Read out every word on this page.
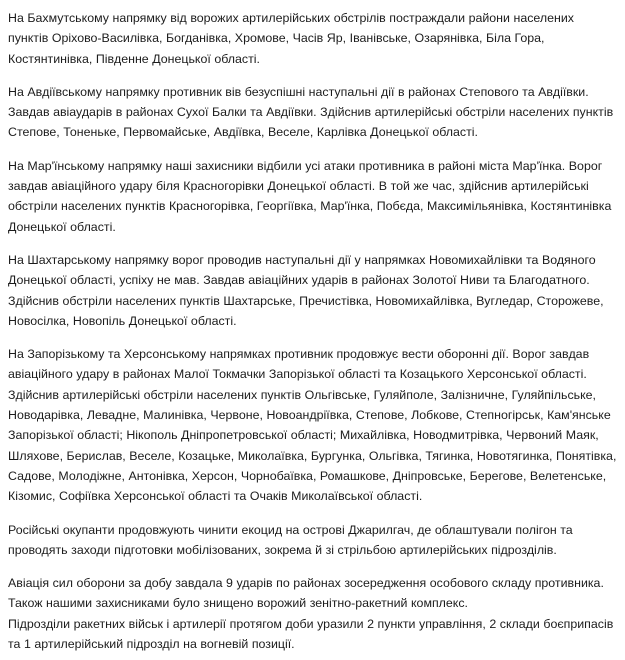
На Бахмутському напрямку від ворожих артилерійських обстрілів постраждали райони населених пунктів Оріхово-Василівка, Богданівка, Хромове, Часів Яр, Іванівське, Озарянівка, Біла Гора, Костянтинівка, Південне Донецької області.

На Авдіївському напрямку противник вів безуспішні наступальні дії в районах Степового та Авдіївки. Завдав авіаударів в районах Сухої Балки та Авдіївки. Здійснив артилерійські обстріли населених пунктів Степове, Тоненьке, Первомайське, Авдіївка, Веселе, Карлівка Донецької області.

На Мар'їнському напрямку наші захисники відбили усі атаки противника в районі міста Мар'їнка. Ворог завдав авіаційного удару біля Красногорівки Донецької області. В той же час, здійснив артилерійські обстріли населених пунктів Красногорівка, Георгіївка, Мар'їнка, Побєда, Максимільянівка, Костянтинівка Донецької області.

На Шахтарському напрямку ворог проводив наступальні дії у напрямках Новомихайлівки та Водяного Донецької області, успіху не мав. Завдав авіаційних ударів в районах Золотої Ниви та Благодатного. Здійснив обстріли населених пунктів Шахтарське, Пречистівка, Новомихайлівка, Вугледар, Сторожеве, Новосілка, Новопіль Донецької області.

На Запорізькому та Херсонському напрямках противник продовжує вести оборонні дії. Ворог завдав авіаційного удару в районах Малої Токмачки Запорізької області та Козацького Херсонської області. Здійснив артилерійські обстріли населених пунктів Ольгівське, Гуляйполе, Залізничне, Гуляйпільське, Новодарівка, Левадне, Малинівка, Червоне, Новоандріївка, Степове, Лобкове, Степногірськ, Кам'янське Запорізької області; Нікополь Дніпропетровської області; Михайлівка, Новодмитрівка, Червоний Маяк, Шляхове, Берислав, Веселе, Козацьке, Миколаївка, Бургунка, Ольгівка, Тягинка, Новотягинка, Понятівка, Садове, Молодіжне, Антонівка, Херсон, Чорнобаївка, Ромашкове, Дніпровське, Берегове, Велетенське, Кізомис, Софіївка Херсонської області та Очаків Миколаївської області.

Російські окупанти продовжують чинити екоцид на острові Джарилгач, де облаштували полігон та проводять заходи підготовки мобілізованих, зокрема й зі стрільбою артилерійських підрозділів.

Авіація сил оборони за добу завдала 9 ударів по районах зосередження особового складу противника. Також нашими захисниками було знищено ворожий зенітно-ракетний комплекс.

Підрозділи ракетних військ і артилерії протягом доби уразили 2 пункти управління, 2 склади боєприпасів та 1 артилерійський підрозділ на вогневій позиції.
